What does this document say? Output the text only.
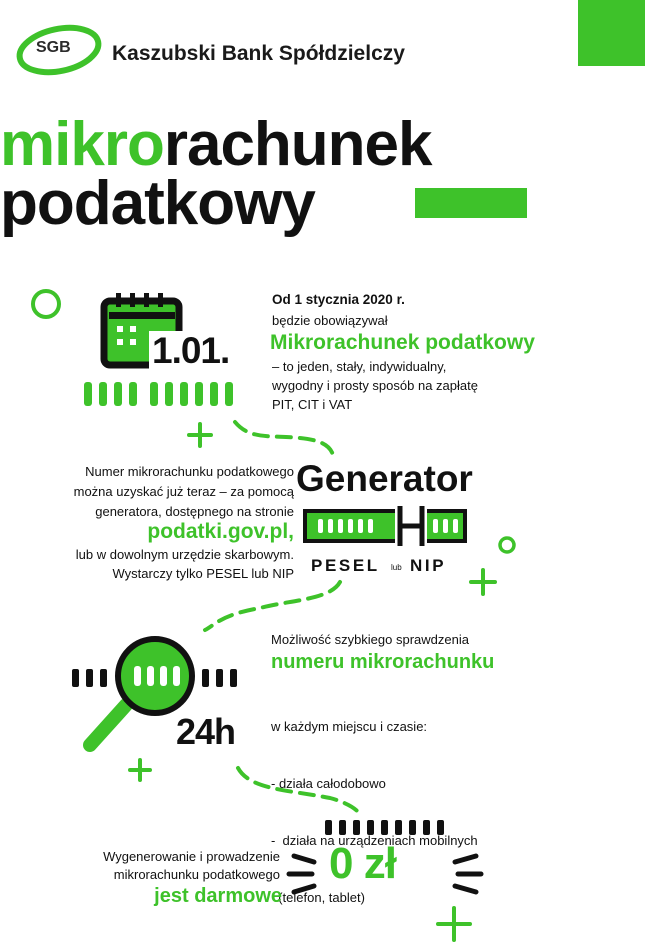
SGB Kaszubski Bank Spółdzielczy
mikrorachunek
podatkowy
1.01.
Od 1 stycznia 2020 r.
będzie obowiązywał
Mikrorachunek podatkowy
– to jeden, stały, indywidualny,
wygodny i prosty sposób na zapłatę
PIT, CIT i VAT
Numer mikrorachunku podatkowego
można uzyskać już teraz – za pomocą
generatora, dostępnego na stronie
podatki.gov.pl,
lub w dowolnym urzędzie skarbowym.
Wystarczy tylko PESEL lub NIP
Generator
PESEL lub NIP
Możliwość szybkiego sprawdzenia
numeru mikrorachunku

w każdym miejscu i czasie:

- działa całodobowo

-  działa na urządzeniach mobilnych

(telefon, tablet)

24h
Wygenerowanie i prowadzenie
mikrorachunku podatkowego
jest darmowe
0 zł
